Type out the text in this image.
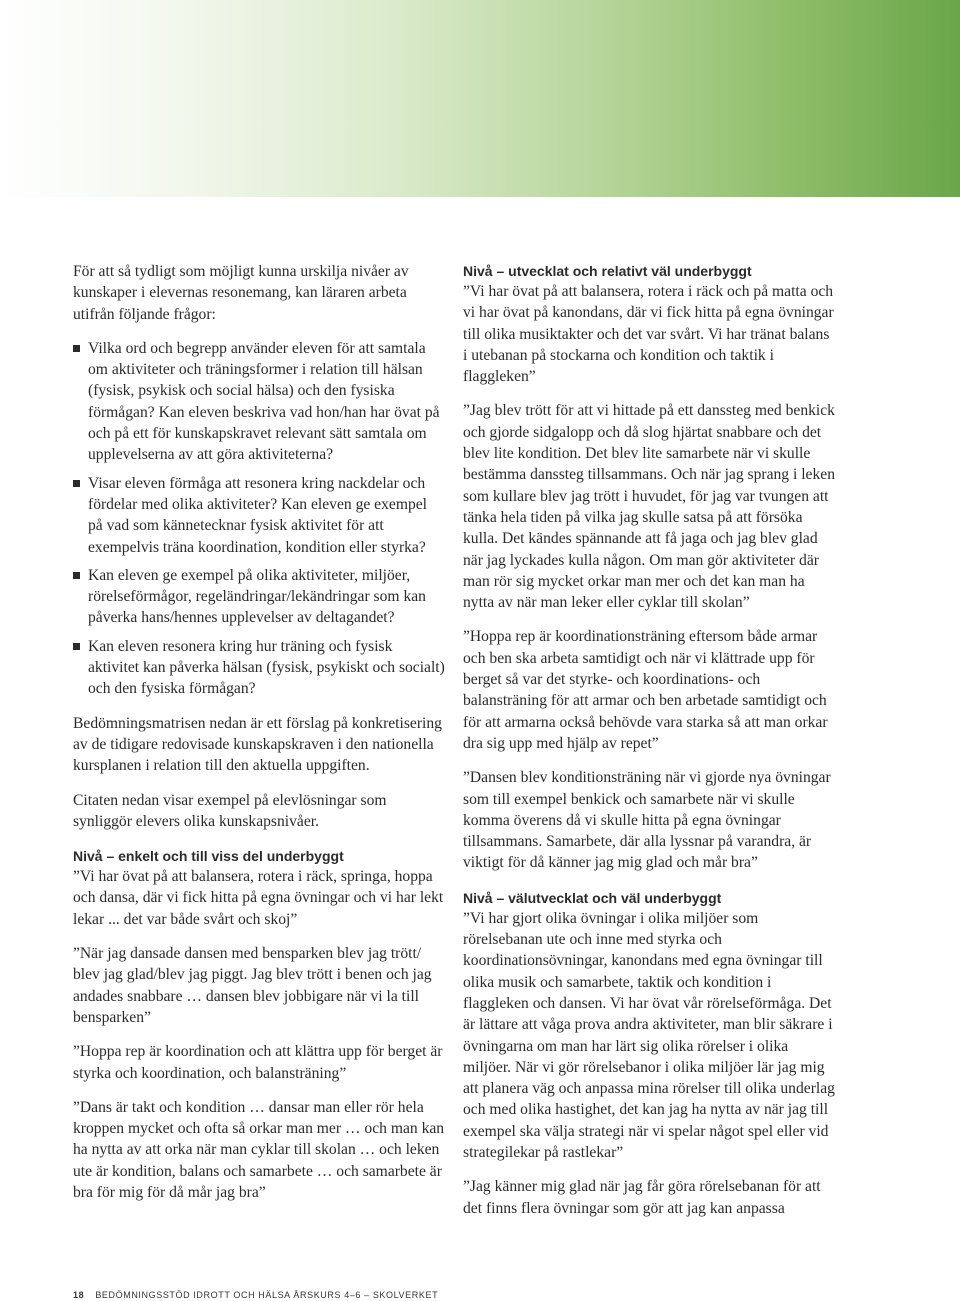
För att så tydligt som möjligt kunna urskilja nivåer av kunskaper i elevernas resonemang, kan läraren arbeta utifrån följande frågor:

Vilka ord och begrepp använder eleven för att samtala om aktiviteter och träningsformer i relation till hälsan (fysisk, psykisk och social hälsa) och den fysiska förmågan? Kan eleven beskriva vad hon/han har övat på och på ett för kunskapskravet relevant sätt samtala om upplevelserna av att göra aktiviteterna?
Visar eleven förmåga att resonera kring nackdelar och fördelar med olika aktiviteter? Kan eleven ge exempel på vad som kännetecknar fysisk aktivitet för att exempelvis träna koordination, kondition eller styrka?
Kan eleven ge exempel på olika aktiviteter, miljöer, rörelseförmågor, regeländringar/lekändringar som kan påverka hans/hennes upplevelser av deltagandet?
Kan eleven resonera kring hur träning och fysisk aktivitet kan påverka hälsan (fysisk, psykiskt och socialt) och den fysiska förmågan?

Bedömningsmatrisen nedan är ett förslag på konkretisering av de tidigare redovisade kunskapskraven i den nationella kursplanen i relation till den aktuella uppgiften.

Citaten nedan visar exempel på elevlösningar som synliggör elevers olika kunskapsnivåer.

Nivå – enkelt och till viss del underbyggt

”Vi har övat på att balansera, rotera i räck, springa, hoppa och dansa, där vi fick hitta på egna övningar och vi har lekt lekar ... det var både svårt och skoj”

”När jag dansade dansen med bensparken blev jag trött/ blev jag glad/blev jag piggt. Jag blev trött i benen och jag andades snabbare … dansen blev jobbigare när vi la till bensparken”

”Hoppa rep är koordination och att klättra upp för berget är styrka och koordination, och balansträning”

”Dans är takt och kondition … dansar man eller rör hela kroppen mycket och ofta så orkar man mer … och man kan ha nytta av att orka när man cyklar till skolan … och leken ute är kondition, balans och samarbete … och samarbete är bra för mig för då mår jag bra”

Nivå – utvecklat och relativt väl underbyggt

”Vi har övat på att balansera, rotera i räck och på matta och vi har övat på kanondans, där vi fick hitta på egna övningar till olika musiktakter och det var svårt. Vi har tränat balans i utebanan på stockarna och kondition och taktik i flaggleken”

”Jag blev trött för att vi hittade på ett danssteg med benkick och gjorde sidgalopp och då slog hjärtat snabbare och det blev lite kondition. Det blev lite samarbete när vi skulle bestämma danssteg tillsammans. Och när jag sprang i leken som kullare blev jag trött i huvudet, för jag var tvungen att tänka hela tiden på vilka jag skulle satsa på att försöka kulla. Det kändes spännande att få jaga och jag blev glad när jag lyckades kulla någon. Om man gör aktiviteter där man rör sig mycket orkar man mer och det kan man ha nytta av när man leker eller cyklar till skolan”

”Hoppa rep är koordinationsträning eftersom både armar och ben ska arbeta samtidigt och när vi klättrade upp för berget så var det styrke- och koordinations- och balansträning för att armar och ben arbetade samtidigt och för att armarna också behövde vara starka så att man orkar dra sig upp med hjälp av repet”

”Dansen blev konditionsträning när vi gjorde nya övningar som till exempel benkick och samarbete när vi skulle komma överens då vi skulle hitta på egna övningar tillsammans. Samarbete, där alla lyssnar på varandra, är viktigt för då känner jag mig glad och mår bra”

Nivå – välutvecklat och väl underbyggt

”Vi har gjort olika övningar i olika miljöer som rörelsebanan ute och inne med styrka och koordinationsövningar, kanondans med egna övningar till olika musik och samarbete, taktik och kondition i flaggleken och dansen. Vi har övat vår rörelseförmåga. Det är lättare att våga prova andra aktiviteter, man blir säkrare i övningarna om man har lärt sig olika rörelser i olika miljöer. När vi gör rörelsebanor i olika miljöer lär jag mig att planera väg och anpassa mina rörelser till olika underlag och med olika hastighet, det kan jag ha nytta av när jag till exempel ska välja strategi när vi spelar något spel eller vid strategilekar på rastlekar”

”Jag känner mig glad när jag får göra rörelsebanan för att det finns flera övningar som gör att jag kan anpassa

18 BEDÖMNINGSSTÖD IDROTT OCH HÄLSA ÅRSKURS 4–6 – SKOLVERKET
